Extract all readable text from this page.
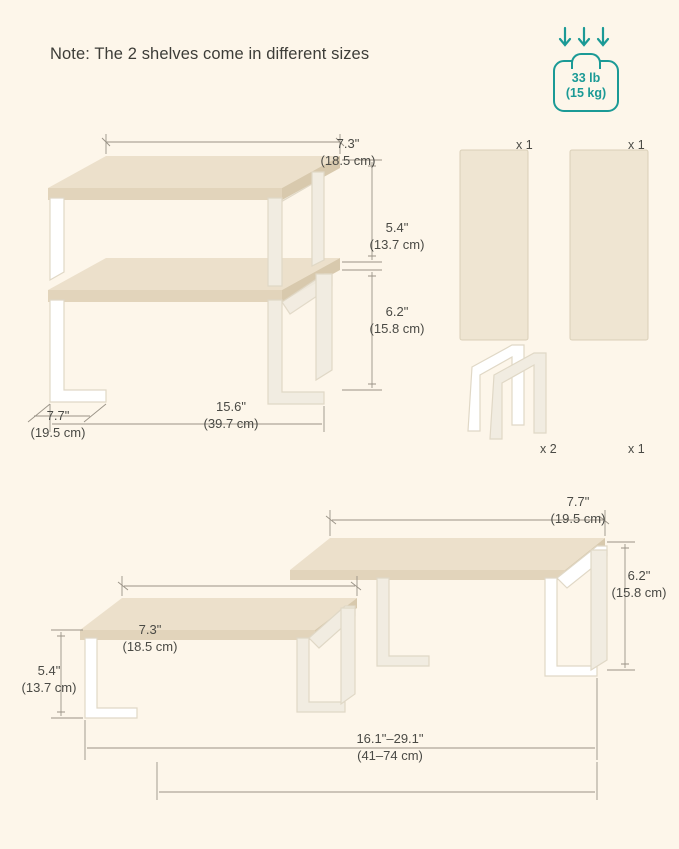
Note: The 2 shelves come in different sizes
33 lb
(15 kg)

7.3"
(18.5 cm)

5.4"
(13.7 cm)

6.2"
(15.8 cm)

15.6"
(39.7 cm)

7.7"
(19.5 cm)

x 1	x 1
x 2	x 1

7.7"
(19.5 cm)

6.2"
(15.8 cm)

7.3"
(18.5 cm)

5.4"
(13.7 cm)

16.1"–29.1"
(41–74 cm)
